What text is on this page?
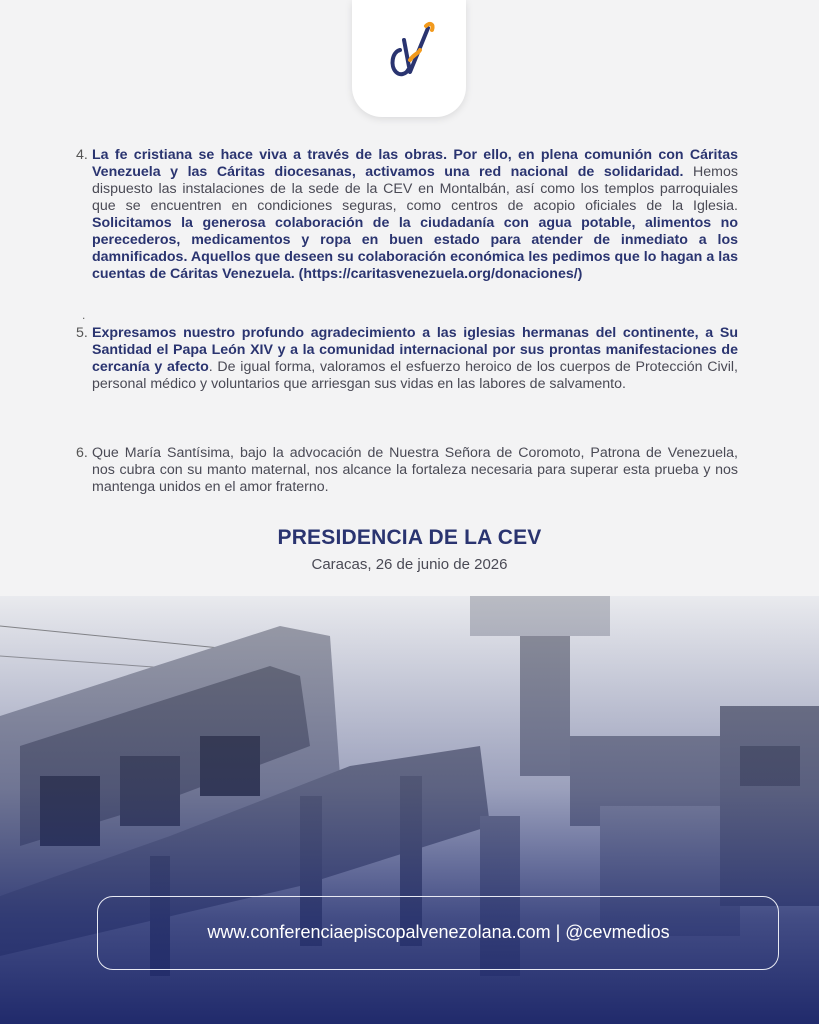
4. La fe cristiana se hace viva a través de las obras. Por ello, en plena comunión con Cáritas Venezuela y las Cáritas diocesanas, activamos una red nacional de solidaridad. Hemos dispuesto las instalaciones de la sede de la CEV en Montalbán, así como los templos parroquiales que se encuentren en condiciones seguras, como centros de acopio oficiales de la Iglesia. Solicitamos la generosa colaboración de la ciudadanía con agua potable, alimentos no perecederos, medicamentos y ropa en buen estado para atender de inmediato a los damnificados. Aquellos que deseen su colaboración económica les pedimos que lo hagan a las cuentas de Cáritas Venezuela. (https://caritasvenezuela.org/donaciones/)
.
5. Expresamos nuestro profundo agradecimiento a las iglesias hermanas del continente, a Su Santidad el Papa León XIV y a la comunidad internacional por sus prontas manifestaciones de cercanía y afecto. De igual forma, valoramos el esfuerzo heroico de los cuerpos de Protección Civil, personal médico y voluntarios que arriesgan sus vidas en las labores de salvamento.
6. Que María Santísima, bajo la advocación de Nuestra Señora de Coromoto, Patrona de Venezuela, nos cubra con su manto maternal, nos alcance la fortaleza necesaria para superar esta prueba y nos mantenga unidos en el amor fraterno.
PRESIDENCIA DE LA CEV
Caracas, 26 de junio de 2026
www.conferenciaepiscopalvenezolana.com | @cevmedios
